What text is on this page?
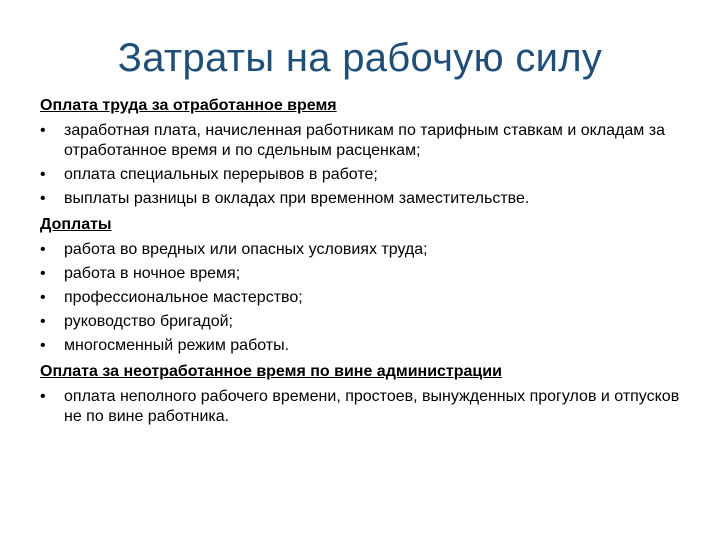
Затраты на рабочую силу
Оплата труда за отработанное время
•	заработная плата, начисленная работникам по тарифным ставкам и окладам за отработанное время и по сдельным расценкам;
•	оплата специальных перерывов в работе;
•	выплаты разницы в окладах при временном заместительстве.
Доплаты
•	работа во вредных или опасных условиях труда;
•	работа в ночное время;
•	профессиональное мастерство;
•	руководство бригадой;
•	многосменный режим работы.
Оплата за неотработанное время по вине администрации
•	оплата неполного рабочего времени, простоев, вынужденных прогулов и отпусков не по вине работника.
